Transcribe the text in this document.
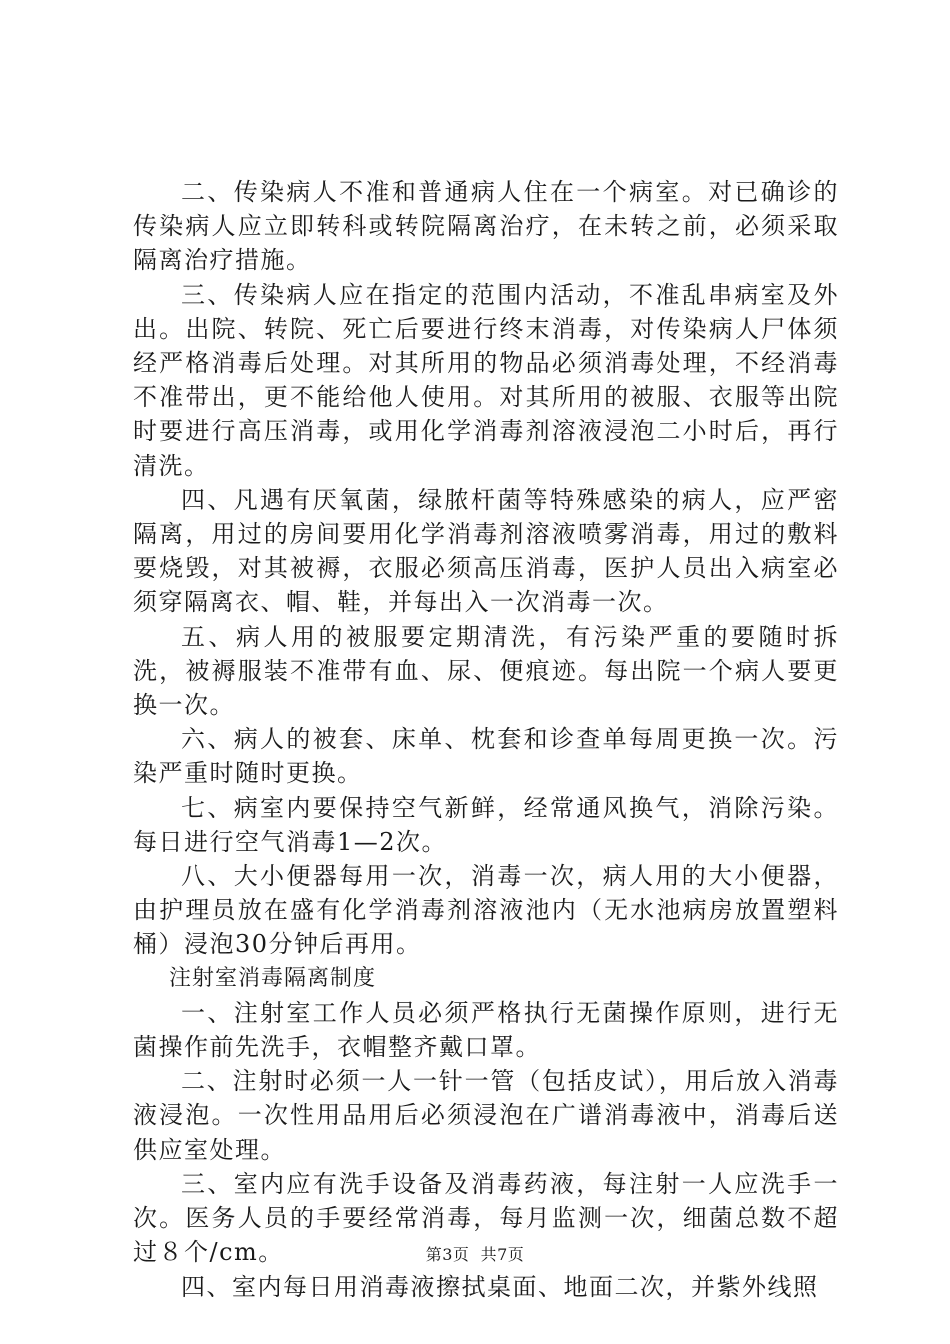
二、传染病人不准和普通病人住在一个病室。对已确诊的传染病人应立即转科或转院隔离治疗，在未转之前，必须采取隔离治疗措施。

三、传染病人应在指定的范围内活动，不准乱串病室及外出。出院、转院、死亡后要进行终末消毒，对传染病人尸体须经严格消毒后处理。对其所用的物品必须消毒处理，不经消毒不准带出，更不能给他人使用。对其所用的被服、衣服等出院时要进行高压消毒，或用化学消毒剂溶液浸泡二小时后，再行清洗。

四、凡遇有厌氧菌，绿脓杆菌等特殊感染的病人，应严密隔离，用过的房间要用化学消毒剂溶液喷雾消毒，用过的敷料要烧毁，对其被褥，衣服必须高压消毒，医护人员出入病室必须穿隔离衣、帽、鞋，并每出入一次消毒一次。

五、病人用的被服要定期清洗，有污染严重的要随时拆洗，被褥服装不准带有血、尿、便痕迹。每出院一个病人要更换一次。

六、病人的被套、床单、枕套和诊查单每周更换一次。污染严重时随时更换。

七、病室内要保持空气新鲜，经常通风换气，消除污染。每日进行空气消毒1—2次。

八、大小便器每用一次，消毒一次，病人用的大小便器，由护理员放在盛有化学消毒剂溶液池内（无水池病房放置塑料桶）浸泡30分钟后再用。

注射室消毒隔离制度

一、注射室工作人员必须严格执行无菌操作原则，进行无菌操作前先洗手，衣帽整齐戴口罩。

二、注射时必须一人一针一管（包括皮试），用后放入消毒液浸泡。一次性用品用后必须浸泡在广谱消毒液中，消毒后送供应室处理。

三、室内应有洗手设备及消毒药液，每注射一人应洗手一次。医务人员的手要经常消毒，每月监测一次，细菌总数不超过８个/cm。

四、室内每日用消毒液擦拭桌面、地面二次，并紫外线照

第3页 共7页
